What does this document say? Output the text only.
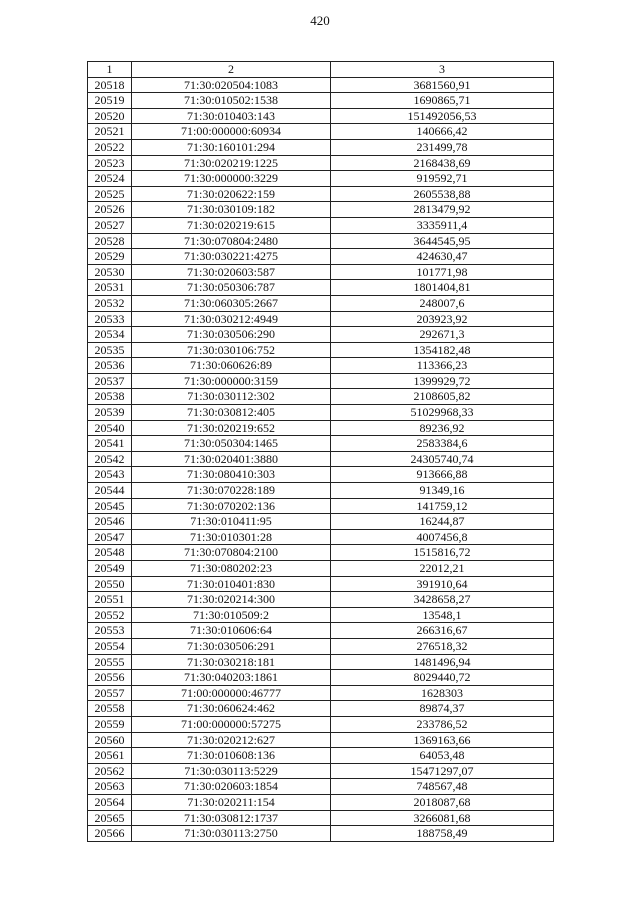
420
1	2	3
20518	71:30:020504:1083	3681560,91
20519	71:30:010502:1538	1690865,71
20520	71:30:010403:143	151492056,53
20521	71:00:000000:60934	140666,42
20522	71:30:160101:294	231499,78
20523	71:30:020219:1225	2168438,69
20524	71:30:000000:3229	919592,71
20525	71:30:020622:159	2605538,88
20526	71:30:030109:182	2813479,92
20527	71:30:020219:615	3335911,4
20528	71:30:070804:2480	3644545,95
20529	71:30:030221:4275	424630,47
20530	71:30:020603:587	101771,98
20531	71:30:050306:787	1801404,81
20532	71:30:060305:2667	248007,6
20533	71:30:030212:4949	203923,92
20534	71:30:030506:290	292671,3
20535	71:30:030106:752	1354182,48
20536	71:30:060626:89	113366,23
20537	71:30:000000:3159	1399929,72
20538	71:30:030112:302	2108605,82
20539	71:30:030812:405	51029968,33
20540	71:30:020219:652	89236,92
20541	71:30:050304:1465	2583384,6
20542	71:30:020401:3880	24305740,74
20543	71:30:080410:303	913666,88
20544	71:30:070228:189	91349,16
20545	71:30:070202:136	141759,12
20546	71:30:010411:95	16244,87
20547	71:30:010301:28	4007456,8
20548	71:30:070804:2100	1515816,72
20549	71:30:080202:23	22012,21
20550	71:30:010401:830	391910,64
20551	71:30:020214:300	3428658,27
20552	71:30:010509:2	13548,1
20553	71:30:010606:64	266316,67
20554	71:30:030506:291	276518,32
20555	71:30:030218:181	1481496,94
20556	71:30:040203:1861	8029440,72
20557	71:00:000000:46777	1628303
20558	71:30:060624:462	89874,37
20559	71:00:000000:57275	233786,52
20560	71:30:020212:627	1369163,66
20561	71:30:010608:136	64053,48
20562	71:30:030113:5229	15471297,07
20563	71:30:020603:1854	748567,48
20564	71:30:020211:154	2018087,68
20565	71:30:030812:1737	3266081,68
20566	71:30:030113:2750	188758,49
